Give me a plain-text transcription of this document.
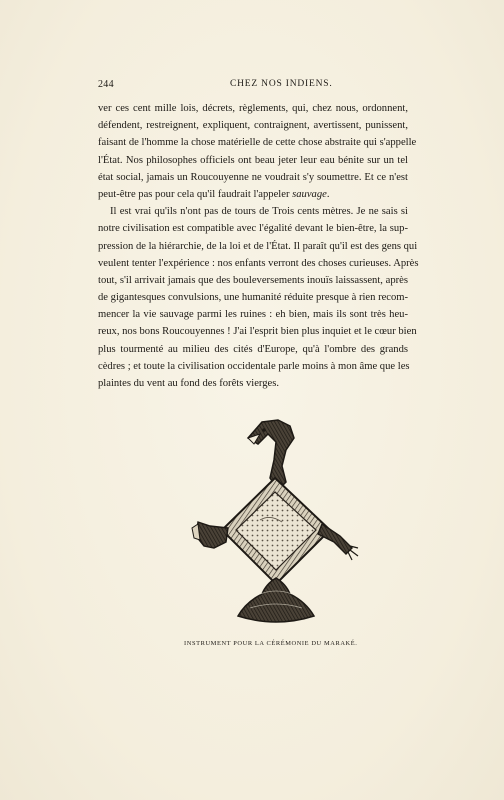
244	CHEZ NOS INDIENS.
ver ces cent mille lois, décrets, règlements, qui, chez nous, ordonnent,
défendent, restreignent, expliquent, contraignent, avertissent, punissent,
faisant de l'homme la chose matérielle de cette chose abstraite qui s'appelle
l'État. Nos philosophes officiels ont beau jeter leur eau bénite sur un tel
état social, jamais un Roucouyenne ne voudrait s'y soumettre. Et ce n'est
peut-être pas pour cela qu'il faudrait l'appeler sauvage.
Il est vrai qu'ils n'ont pas de tours de Trois cents mètres. Je ne sais si
notre civilisation est compatible avec l'égalité devant le bien-être, la sup-
pression de la hiérarchie, de la loi et de l'État. Il paraît qu'il est des gens qui
veulent tenter l'expérience : nos enfants verront des choses curieuses. Après
tout, s'il arrivait jamais que des bouleversements inouïs laissassent, après
de gigantesques convulsions, une humanité réduite presque à rien recom-
mencer la vie sauvage parmi les ruines : eh bien, mais ils sont très heu-
reux, nos bons Roucouyennes ! J'ai l'esprit bien plus inquiet et le cœur bien
plus tourmenté au milieu des cités d'Europe, qu'à l'ombre des grands
cèdres ; et toute la civilisation occidentale parle moins à mon âme que les
plaintes du vent au fond des forêts vierges.
INSTRUMENT POUR LA CÉRÉMONIE DU MARAKÉ.
